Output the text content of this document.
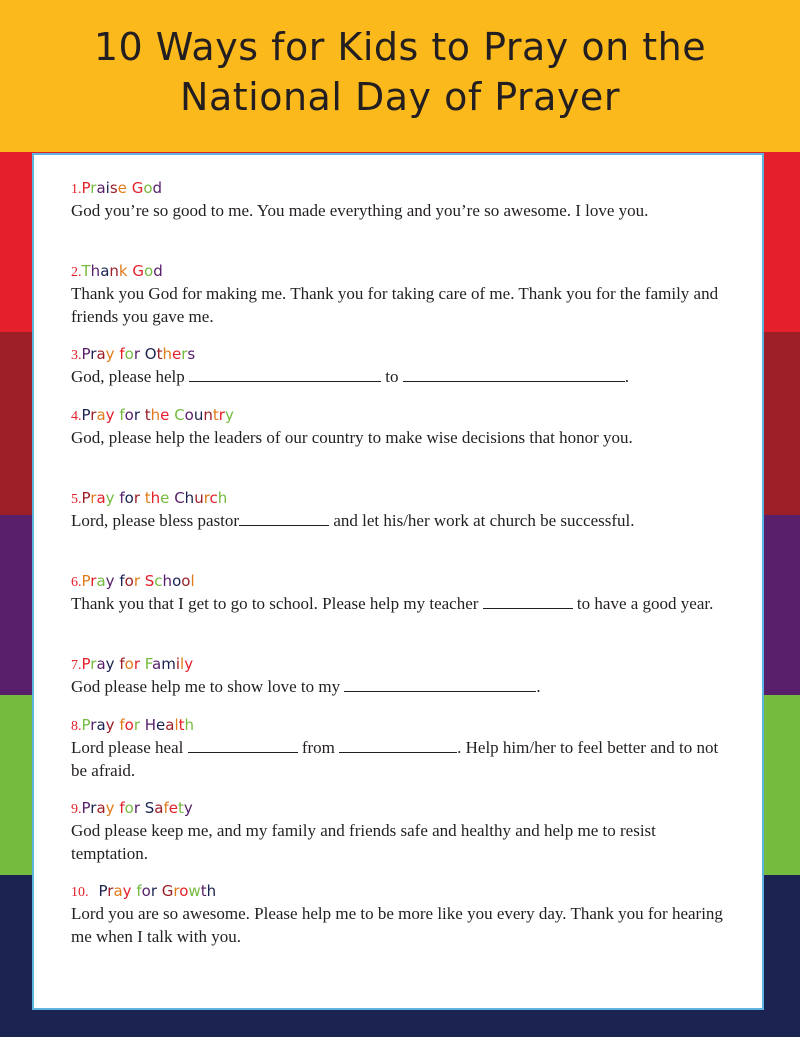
10 Ways for Kids to Pray on the
National Day of Prayer
1.Praise God
God you’re so good to me. You made everything and you’re so awesome. I love you.
2.Thank God
Thank you God for making me. Thank you for taking care of me. Thank you for the family and friends you gave me.
3.Pray for Others
God, please help	to	.
4.Pray for the Country
God, please help the leaders of our country to make wise decisions that honor you.
5.Pray for the Church
Lord, please bless pastor	and let his/her work at church be successful.
6.Pray for School
Thank you that I get to go to school. Please help my teacher	to have a good year.
7.Pray for Family
God please help me to show love to my	.
8.Pray for Health
Lord please heal	from	. Help him/her to feel better and to not be afraid.
9.Pray for Safety
God please keep me, and my family and friends safe and healthy and help me to resist temptation.
10. Pray for Growth
Lord you are so awesome. Please help me to be more like you every day. Thank you for hearing me when I talk with you.
